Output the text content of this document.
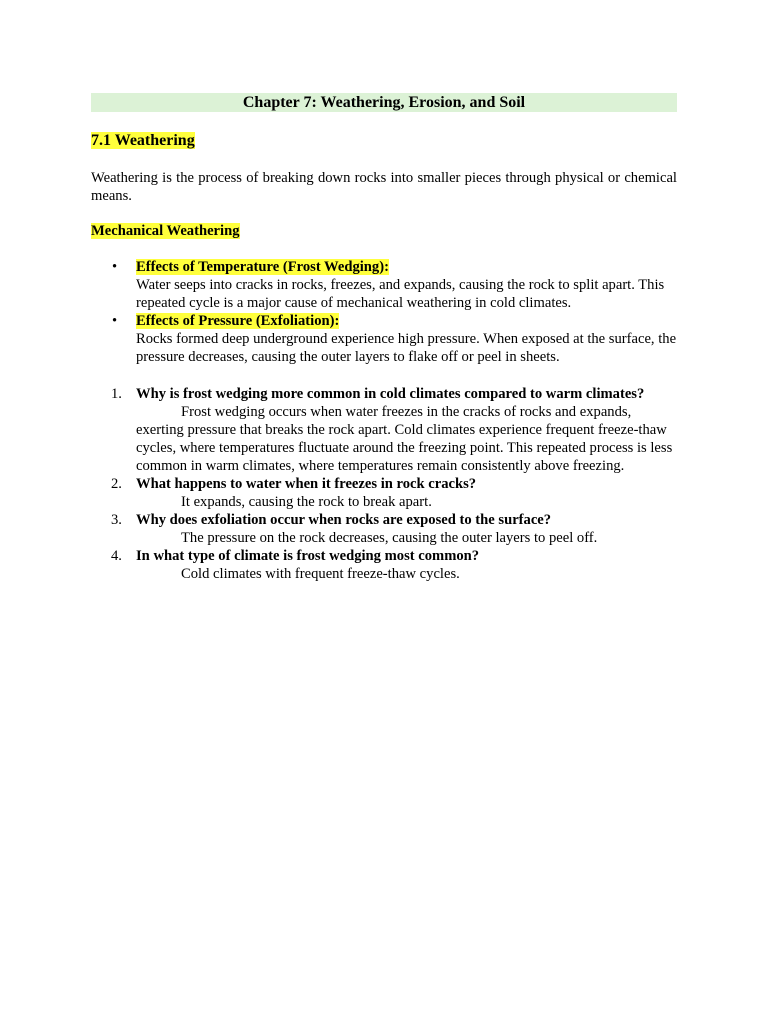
Chapter 7: Weathering, Erosion, and Soil
7.1 Weathering
Weathering is the process of breaking down rocks into smaller pieces through physical or chemical means.
Mechanical Weathering
• Effects of Temperature (Frost Wedging):
Water seeps into cracks in rocks, freezes, and expands, causing the rock to split apart. This repeated cycle is a major cause of mechanical weathering in cold climates.
• Effects of Pressure (Exfoliation):
Rocks formed deep underground experience high pressure. When exposed at the surface, the pressure decreases, causing the outer layers to flake off or peel in sheets.
1. Why is frost wedging more common in cold climates compared to warm climates?
Frost wedging occurs when water freezes in the cracks of rocks and expands, exerting pressure that breaks the rock apart. Cold climates experience frequent freeze-thaw cycles, where temperatures fluctuate around the freezing point. This repeated process is less common in warm climates, where temperatures remain consistently above freezing.
2. What happens to water when it freezes in rock cracks?
It expands, causing the rock to break apart.
3. Why does exfoliation occur when rocks are exposed to the surface?
The pressure on the rock decreases, causing the outer layers to peel off.
4. In what type of climate is frost wedging most common?
Cold climates with frequent freeze-thaw cycles.
